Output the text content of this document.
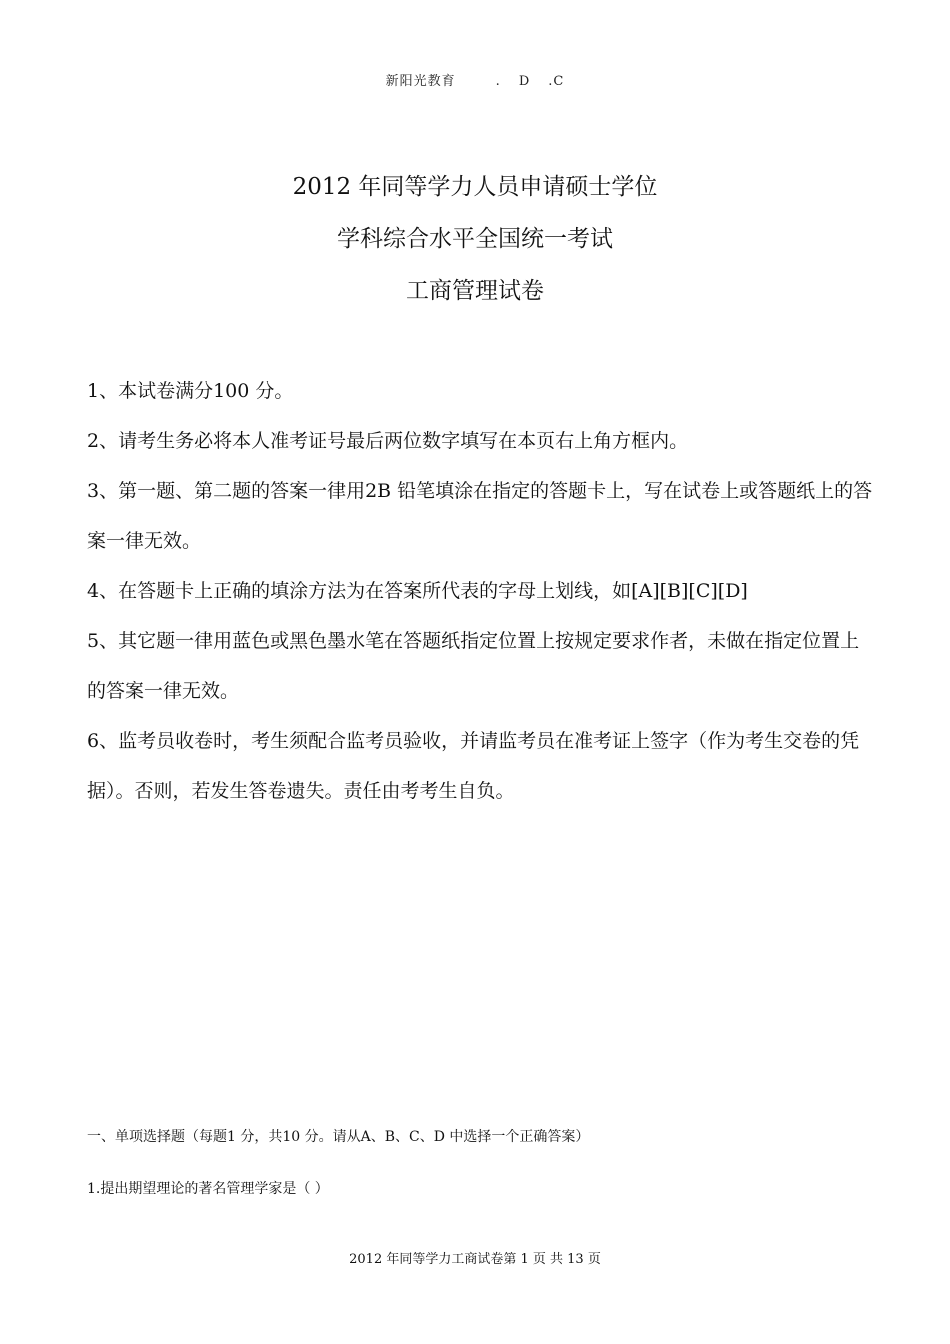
新阳光教育	. D .C
2012 年同等学力人员申请硕士学位
学科综合水平全国统一考试
工商管理试卷
1、本试卷满分100 分。
2、请考生务必将本人准考证号最后两位数字填写在本页右上角方框内。
3、第一题、第二题的答案一律用2B 铅笔填涂在指定的答题卡上，写在试卷上或答题纸上的答案一律无效。
4、在答题卡上正确的填涂方法为在答案所代表的字母上划线，如[A][B][C][D]
5、其它题一律用蓝色或黑色墨水笔在答题纸指定位置上按规定要求作者，未做在指定位置上的答案一律无效。
6、监考员收卷时，考生须配合监考员验收，并请监考员在准考证上签字（作为考生交卷的凭据）。否则，若发生答卷遗失。责任由考考生自负。
一、单项选择题（每题1 分，共10 分。请从A、B、C、D 中选择一个正确答案）
1.提出期望理论的著名管理学家是（ ）
2012 年同等学力工商试卷第 1 页 共 13 页
